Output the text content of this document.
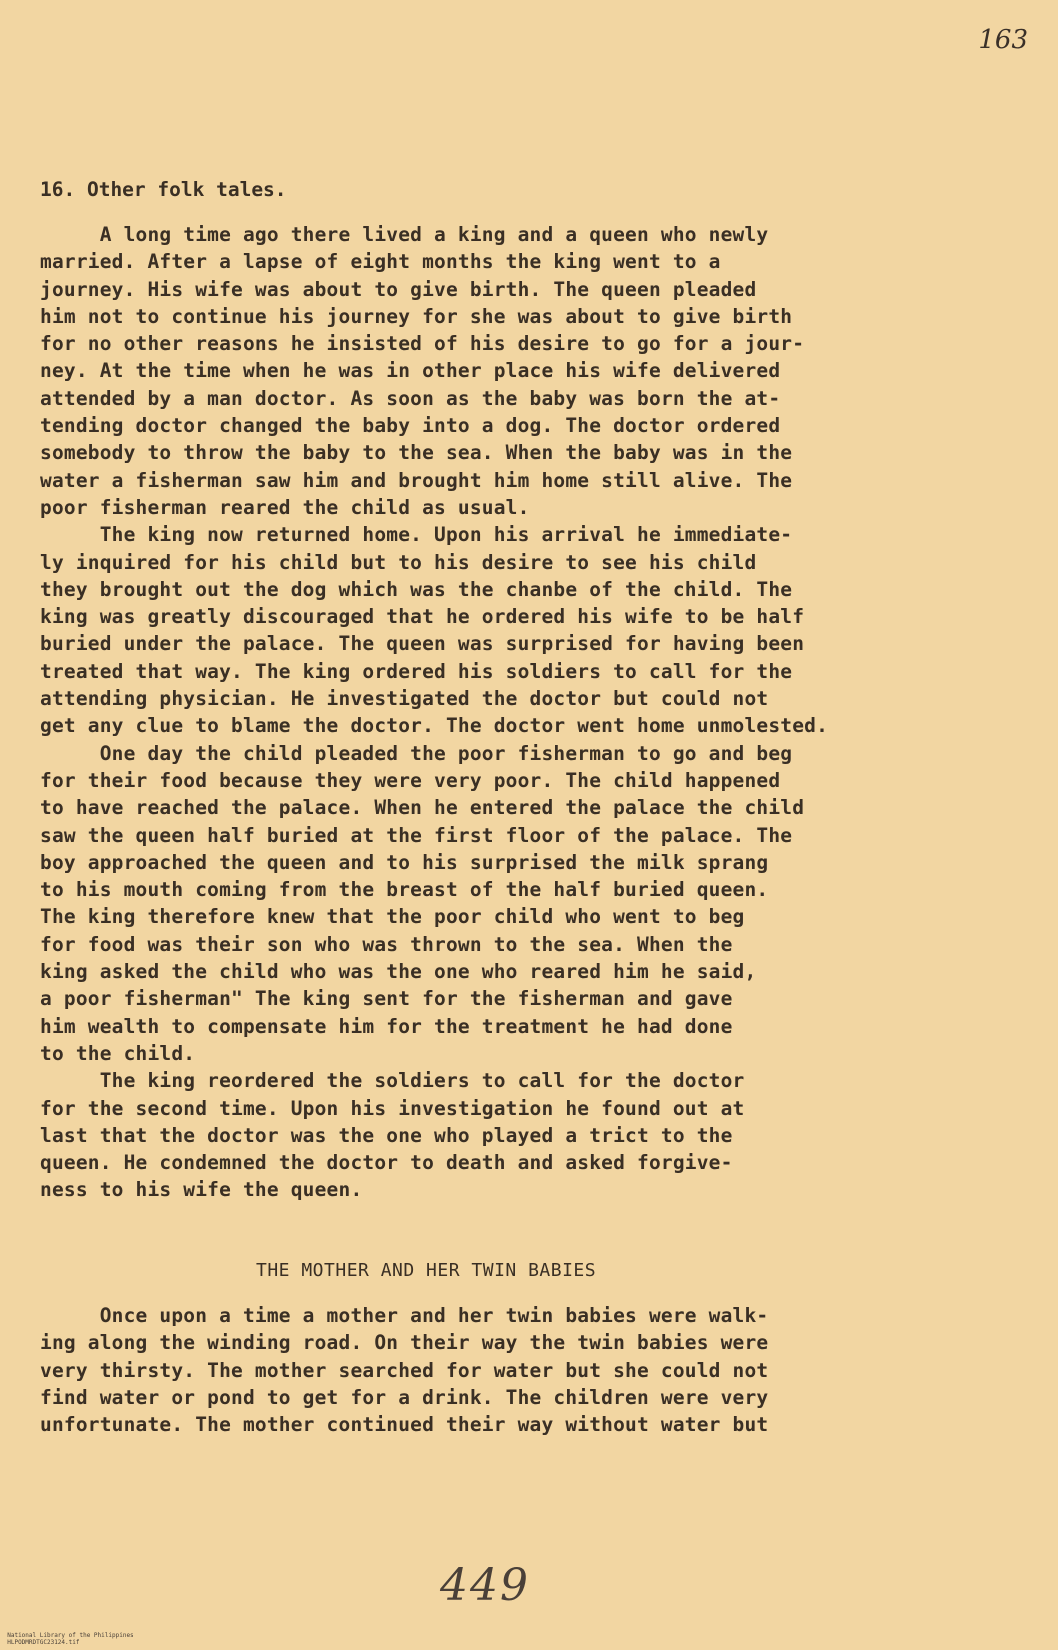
163
16. Other folk tales.
A long time ago there lived a king and a queen who newly
married. After a lapse of eight months the king went to a
journey. His wife was about to give birth. The queen pleaded
him not to continue his journey for she was about to give birth
for no other reasons he insisted of his desire to go for a jour-
ney. At the time when he was in other place his wife delivered
attended by a man doctor. As soon as the baby was born the at-
tending doctor changed the baby into a dog. The doctor ordered
somebody to throw the baby to the sea. When the baby was in the
water a fisherman saw him and brought him home still alive. The
poor fisherman reared the child as usual.
The king now returned home. Upon his arrival he immediate-
ly inquired for his child but to his desire to see his child
they brought out the dog which was the chanbe of the child. The
king was greatly discouraged that he ordered his wife to be half
buried under the palace. The queen was surprised for having been
treated that way. The king ordered his soldiers to call for the
attending physician. He investigated the doctor but could not
get any clue to blame the doctor. The doctor went home unmolested.
One day the child pleaded the poor fisherman to go and beg
for their food because they were very poor. The child happened
to have reached the palace. When he entered the palace the child
saw the queen half buried at the first floor of the palace. The
boy approached the queen and to his surprised the milk sprang
to his mouth coming from the breast of the half buried queen.
The king therefore knew that the poor child who went to beg
for food was their son who was thrown to the sea. When the
king asked the child who was the one who reared him he said,
a poor fisherman" The king sent for the fisherman and gave
him wealth to compensate him for the treatment he had done
to the child.
The king reordered the soldiers to call for the doctor
for the second time. Upon his investigation he found out at
last that the doctor was the one who played a trict to the
queen. He condemned the doctor to death and asked forgive-
ness to his wife the queen.
THE MOTHER AND HER TWIN BABIES
Once upon a time a mother and her twin babies were walk-
ing along the winding road. On their way the twin babies were
very thirsty. The mother searched for water but she could not
find water or pond to get for a drink. The children were very
unfortunate. The mother continued their way without water but
449

National Library of the Philippines
HLPODMRDTGC23124.tif
